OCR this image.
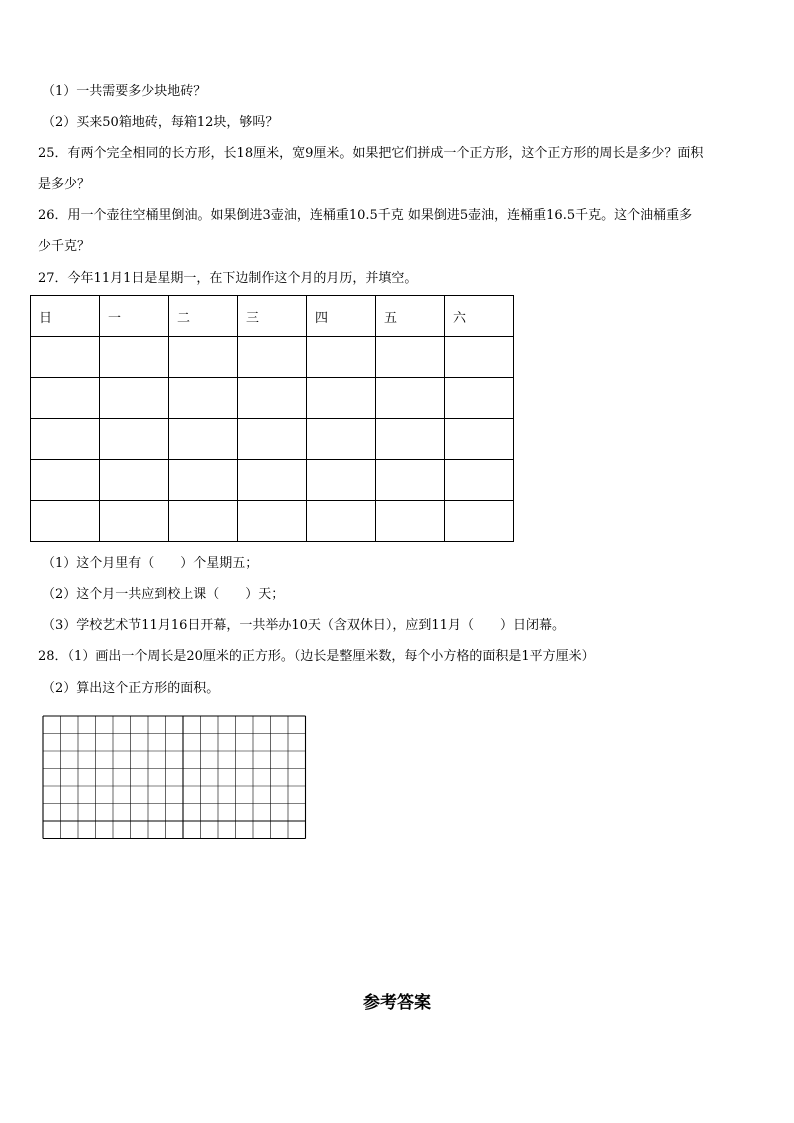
（1）一共需要多少块地砖？
（2）买来50箱地砖，每箱12块，够吗？
25．有两个完全相同的长方形，长18厘米，宽9厘米。如果把它们拼成一个正方形，这个正方形的周长是多少？面积
是多少？
26．用一个壶往空桶里倒油。如果倒进3壶油，连桶重10.5千克 如果倒进5壶油，连桶重16.5千克。这个油桶重多
少千克？
27．今年11月1日是星期一，在下边制作这个月的月历，并填空。
日	一	二	三	四	五	六

（1）这个月里有（　　）个星期五；
（2）这个月一共应到校上课（　　）天；
（3）学校艺术节11月16日开幕，一共举办10天（含双休日），应到11月（　　）日闭幕。
28．（1）画出一个周长是20厘米的正方形。（边长是整厘米数，每个小方格的面积是1平方厘米）
（2）算出这个正方形的面积。
参考答案
